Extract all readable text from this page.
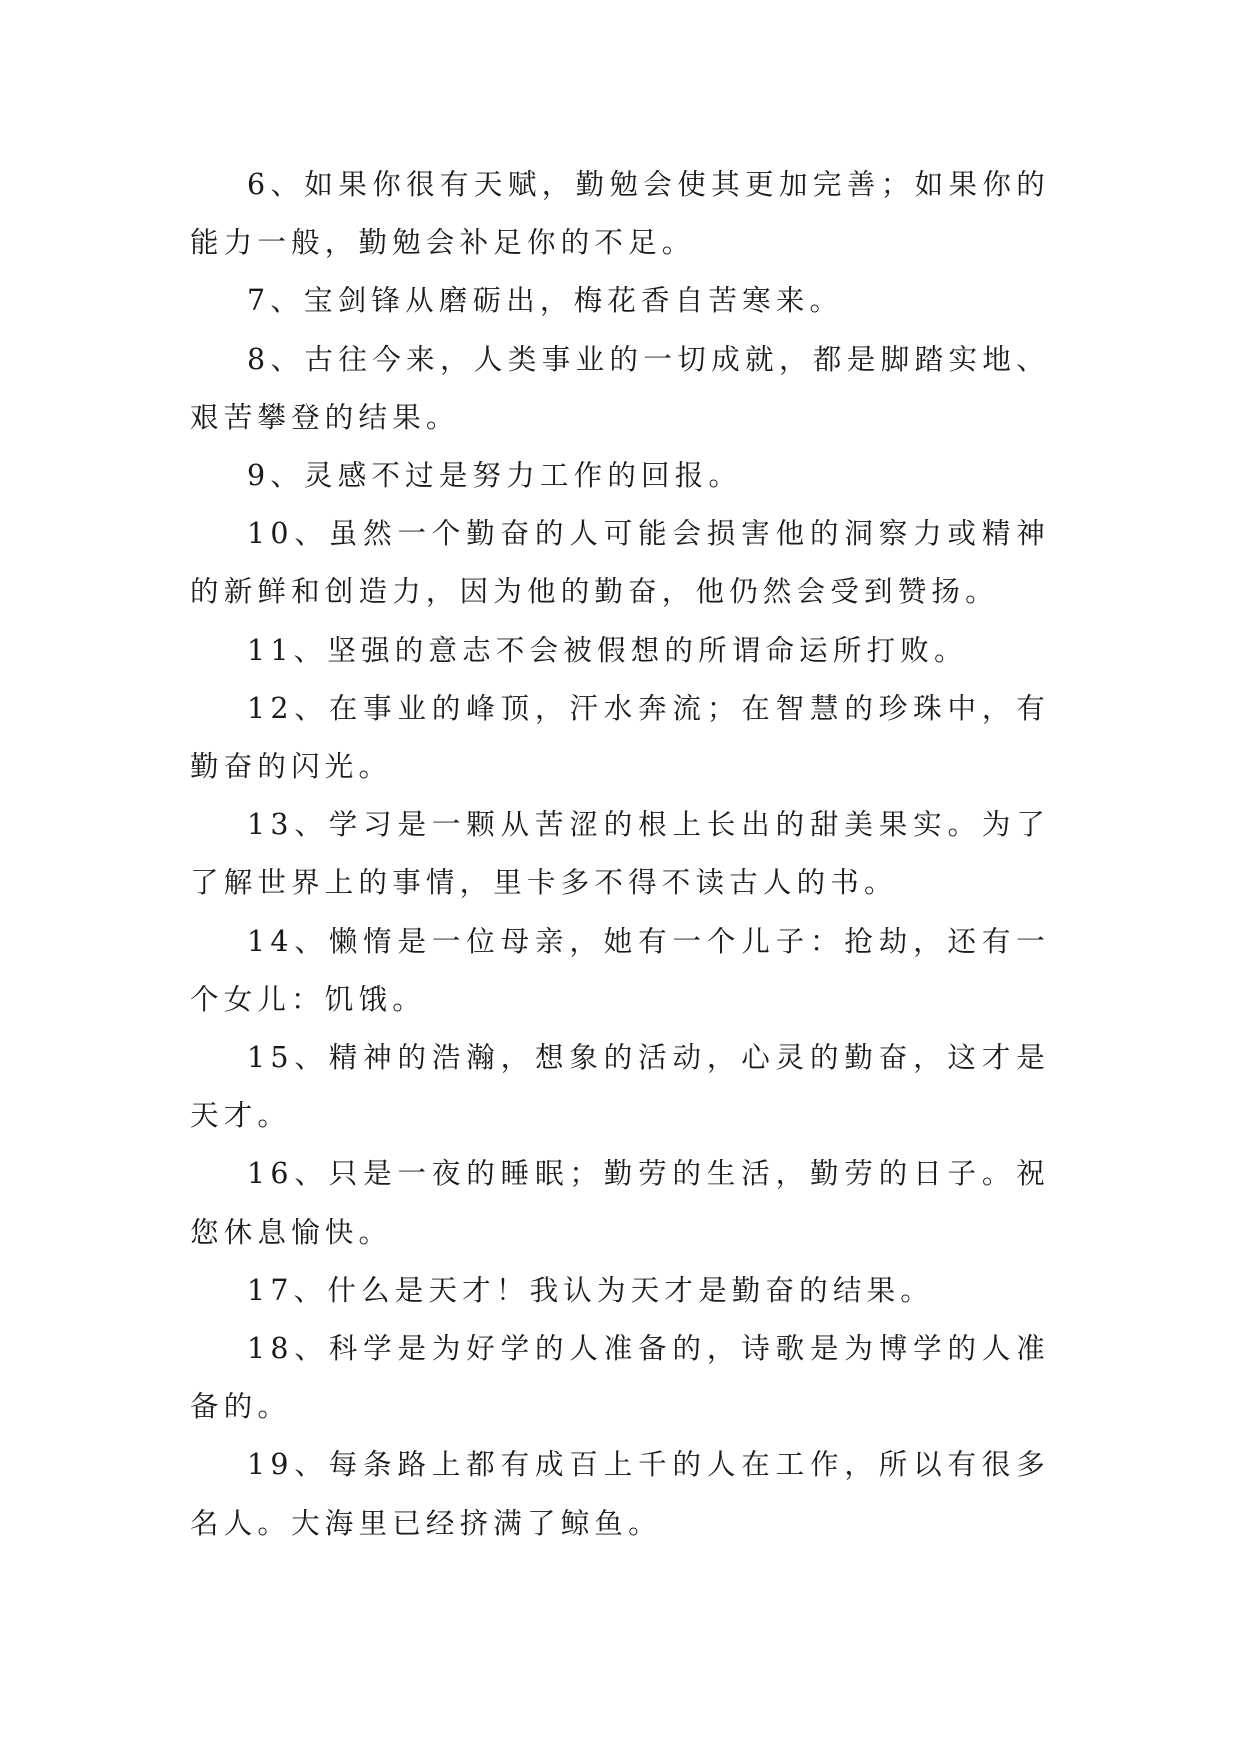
6、如果你很有天赋，勤勉会使其更加完善；如果你的能力一般，勤勉会补足你的不足。

7、宝剑锋从磨砺出，梅花香自苦寒来。

8、古往今来，人类事业的一切成就，都是脚踏实地、艰苦攀登的结果。

9、灵感不过是努力工作的回报。

10、虽然一个勤奋的人可能会损害他的洞察力或精神的新鲜和创造力，因为他的勤奋，他仍然会受到赞扬。

11、坚强的意志不会被假想的所谓命运所打败。

12、在事业的峰顶，汗水奔流；在智慧的珍珠中，有勤奋的闪光。

13、学习是一颗从苦涩的根上长出的甜美果实。为了了解世界上的事情，里卡多不得不读古人的书。

14、懒惰是一位母亲，她有一个儿子：抢劫，还有一个女儿：饥饿。

15、精神的浩瀚，想象的活动，心灵的勤奋，这才是天才。

16、只是一夜的睡眠；勤劳的生活，勤劳的日子。祝您休息愉快。

17、什么是天才！我认为天才是勤奋的结果。

18、科学是为好学的人准备的，诗歌是为博学的人准备的。

19、每条路上都有成百上千的人在工作，所以有很多名人。大海里已经挤满了鲸鱼。
